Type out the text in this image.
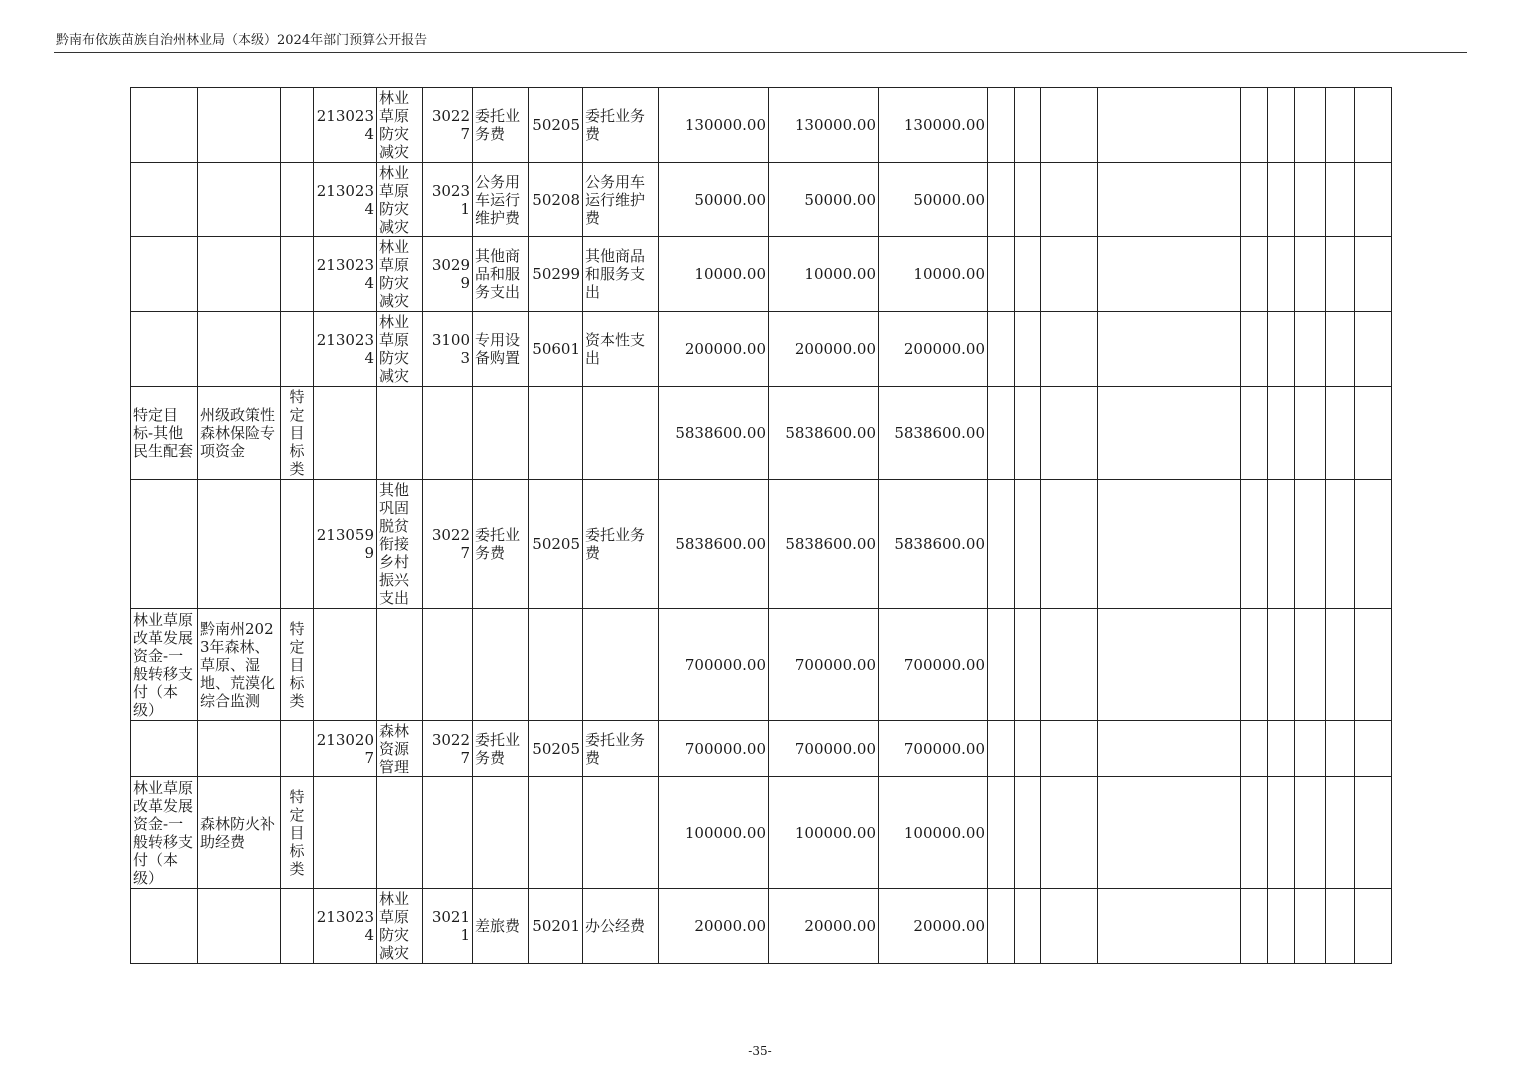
黔南布依族苗族自治州林业局（本级）2024年部门预算公开报告
			2130234	林业草原防灾减灾	30227	委托业务费	50205	委托业务费	130000.00	130000.00	130000.00									
			2130234	林业草原防灾减灾	30231	公务用车运行维护费	50208	公务用车运行维护费	50000.00	50000.00	50000.00									
			2130234	林业草原防灾减灾	30299	其他商品和服务支出	50299	其他商品和服务支出	10000.00	10000.00	10000.00									
			2130234	林业草原防灾减灾	31003	专用设备购置	50601	资本性支出	200000.00	200000.00	200000.00									
特定目标-其他民生配套	州级政策性森林保险专项资金	特定目标类							5838600.00	5838600.00	5838600.00									
			2130599	其他巩固脱贫衔接乡村振兴支出	30227	委托业务费	50205	委托业务费	5838600.00	5838600.00	5838600.00									
林业草原改革发展资金-一般转移支付（本级）	黔南州2023年森林、草原、湿地、荒漠化综合监测	特定目标类							700000.00	700000.00	700000.00									
			2130207	森林资源管理	30227	委托业务费	50205	委托业务费	700000.00	700000.00	700000.00									
林业草原改革发展资金-一般转移支付（本级）	森林防火补助经费	特定目标类							100000.00	100000.00	100000.00									
			2130234	林业草原防灾减灾	30211	差旅费	50201	办公经费	20000.00	20000.00	20000.00									
-35-
